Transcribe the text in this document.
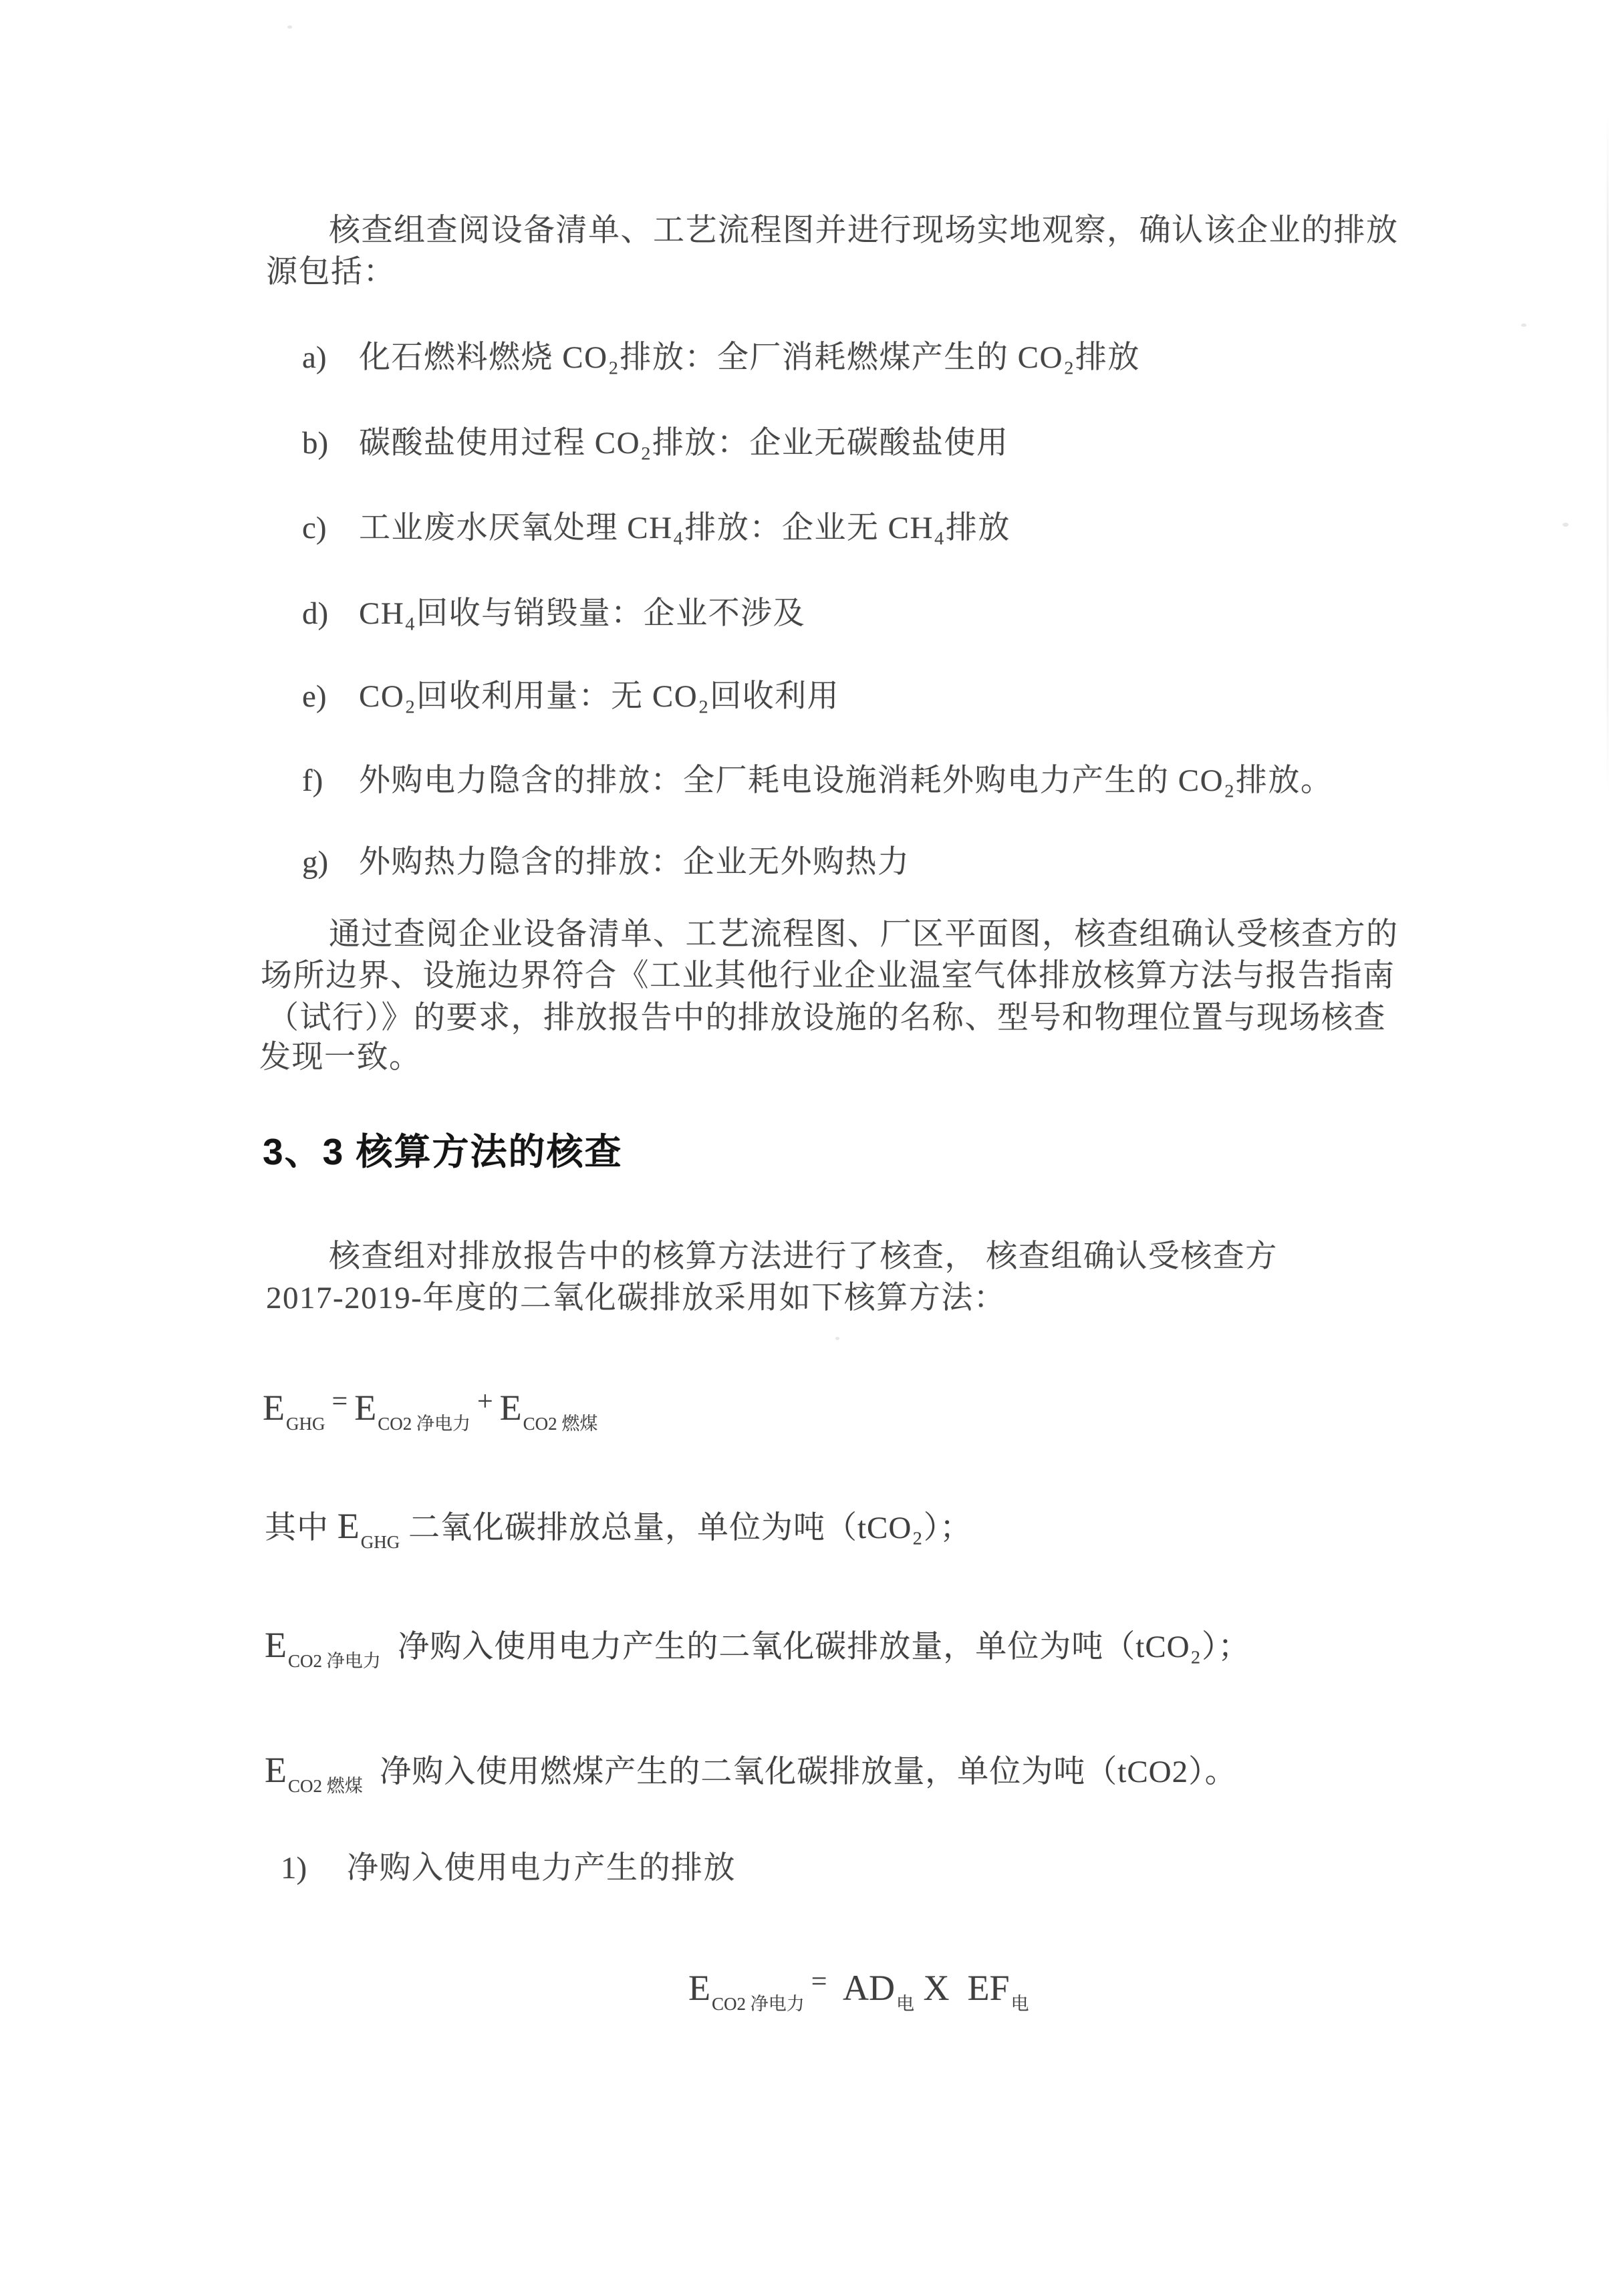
核查组查阅设备清单、工艺流程图并进行现场实地观察，确认该企业的排放
源包括：
a) 化石燃料燃烧 CO₂排放：全厂消耗燃煤产生的 CO₂排放
b) 碳酸盐使用过程 CO₂排放：企业无碳酸盐使用
c) 工业废水厌氧处理 CH₄排放：企业无 CH₄排放
d) CH₄回收与销毁量：企业不涉及
e) CO₂回收利用量：无 CO₂回收利用
f) 外购电力隐含的排放：全厂耗电设施消耗外购电力产生的 CO₂排放。
g) 外购热力隐含的排放：企业无外购热力
通过查阅企业设备清单、工艺流程图、厂区平面图，核查组确认受核查方的
场所边界、设施边界符合《工业其他行业企业温室气体排放核算方法与报告指南
（试行）》的要求，排放报告中的排放设施的名称、型号和物理位置与现场核查
发现一致。
3、3 核算方法的核查
核查组对排放报告中的核算方法进行了核查， 核查组确认受核查方
2017-2019-年度的二氧化碳排放采用如下核算方法：
$E_{GHG}= E_{CO2 净电力}+ E_{CO2 燃煤}$
其中 $E_{GHG}$ 二氧化碳排放总量，单位为吨（tCO₂）；
$E_{CO2 净电力}$  净购入使用电力产生的二氧化碳排放量，单位为吨（tCO₂）；
$E_{CO2 燃煤}$  净购入使用燃煤产生的二氧化碳排放量，单位为吨（tCO2）。
1) 净购入使用电力产生的排放
$E_{CO2 净电力}= AD_电$ X  $EF_电$
